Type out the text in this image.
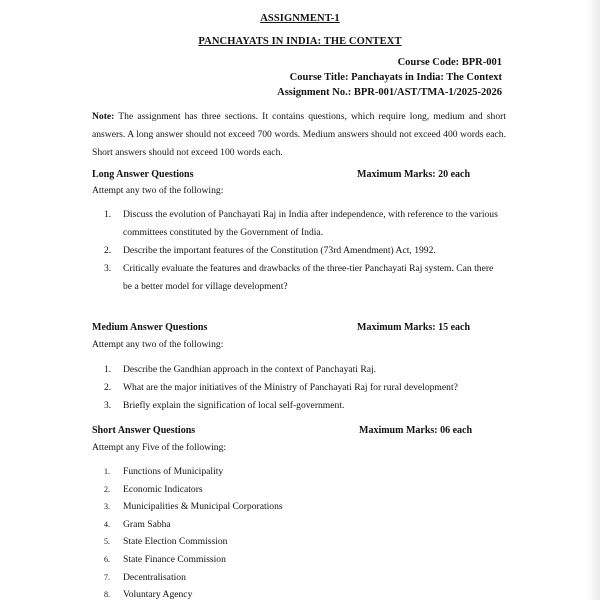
ASSIGNMENT-1
PANCHAYATS IN INDIA: THE CONTEXT
Course Code: BPR-001
Course Title: Panchayats in India: The Context
Assignment No.: BPR-001/AST/TMA-1/2025-2026
Note: The assignment has three sections. It contains questions, which require long, medium and short answers. A long answer should not exceed 700 words. Medium answers should not exceed 400 words each. Short answers should not exceed 100 words each.
Long Answer Questions	Maximum Marks: 20 each
Attempt any two of the following:
1. Discuss the evolution of Panchayati Raj in India after independence, with reference to the various committees constituted by the Government of India.
2. Describe the important features of the Constitution (73rd Amendment) Act, 1992.
3. Critically evaluate the features and drawbacks of the three-tier Panchayati Raj system. Can there be a better model for village development?
Medium Answer Questions	Maximum Marks: 15 each
Attempt any two of the following:
1. Describe the Gandhian approach in the context of Panchayati Raj.
2. What are the major initiatives of the Ministry of Panchayati Raj for rural development?
3. Briefly explain the signification of local self-government.
Short Answer Questions	Maximum Marks: 06 each
Attempt any Five of the following:
1. Functions of Municipality
2. Economic Indicators
3. Municipalities & Municipal Corporations
4. Gram Sabha
5. State Election Commission
6. State Finance Commission
7. Decentralisation
8. Voluntary Agency
